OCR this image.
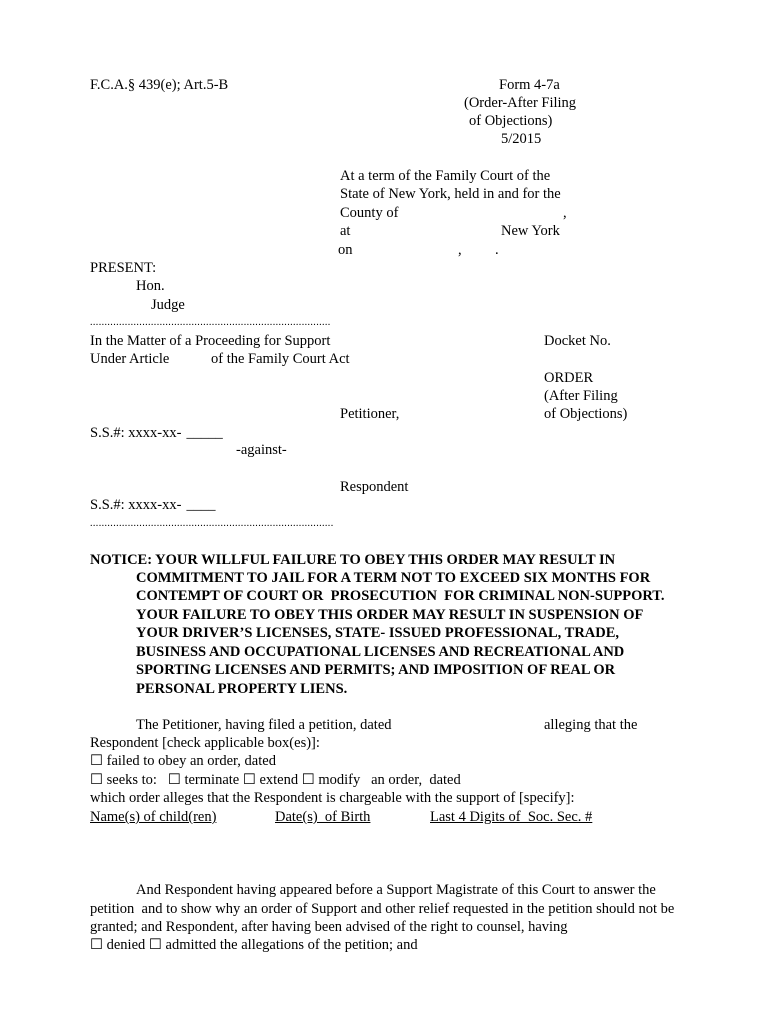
F.C.A.§ 439(e); Art.5-B	Form 4-7a
(Order-After Filing
of Objections)
5/2015
At a term of the Family Court of the
State of New York, held in and for the
County of	,
at	New York
on	, .
PRESENT:
Hon.
Judge
...................................................................................
In the Matter of a Proceeding for Support
Under Article	of the Family Court Act
Docket No.
ORDER
(After Filing
of Objections)
Petitioner,
S.S.#: xxxx-xx- _____
-against-
Respondent
S.S.#: xxxx-xx- ____
....................................................................................
NOTICE: YOUR WILLFUL FAILURE TO OBEY THIS ORDER MAY RESULT IN
COMMITMENT TO JAIL FOR A TERM NOT TO EXCEED SIX MONTHS FOR
CONTEMPT OF COURT OR  PROSECUTION  FOR CRIMINAL NON-SUPPORT.
YOUR FAILURE TO OBEY THIS ORDER MAY RESULT IN SUSPENSION OF
YOUR DRIVER’S LICENSES, STATE- ISSUED PROFESSIONAL, TRADE,
BUSINESS AND OCCUPATIONAL LICENSES AND RECREATIONAL AND
SPORTING LICENSES AND PERMITS; AND IMPOSITION OF REAL OR
PERSONAL PROPERTY LIENS.
The Petitioner, having filed a petition, dated	alleging that the
Respondent [check applicable box(es)]:
☐ failed to obey an order, dated
☐ seeks to:   ☐ terminate ☐ extend ☐ modify   an order,  dated
which order alleges that the Respondent is chargeable with the support of [specify]:
Name(s) of child(ren)	Date(s)  of Birth	Last 4 Digits of  Soc. Sec. #
And Respondent having appeared before a Support Magistrate of this Court to answer the
petition  and to show why an order of Support and other relief requested in the petition should not be
granted; and Respondent, after having been advised of the right to counsel, having
☐ denied ☐ admitted the allegations of the petition; and
